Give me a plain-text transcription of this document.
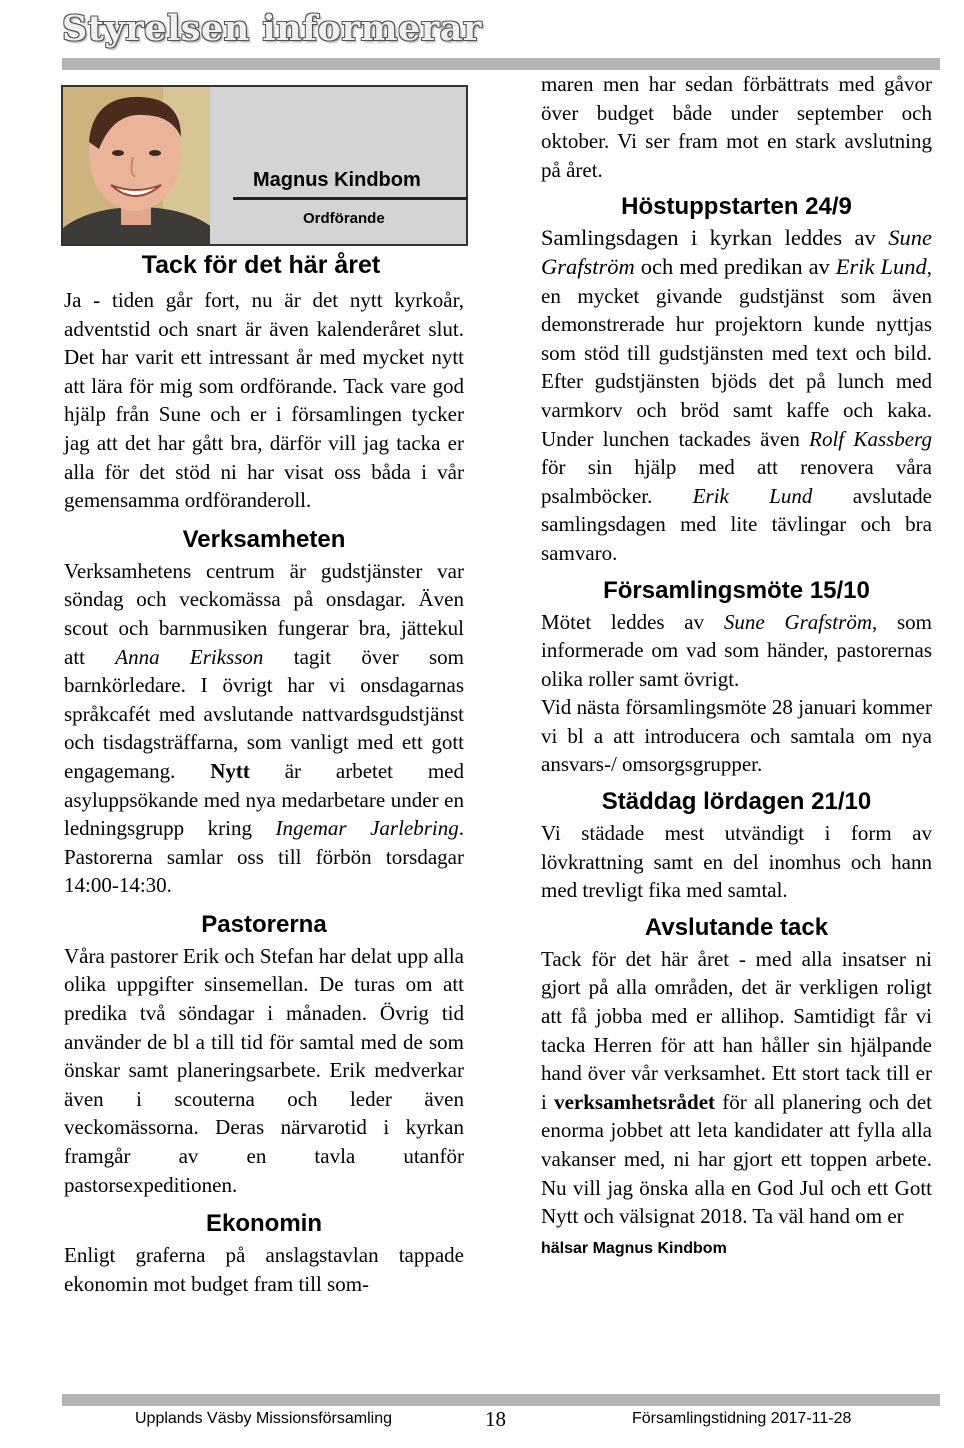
Styrelsen informerar
Magnus Kindbom
Ordförande
Tack för det här året

Ja - tiden går fort, nu är det nytt kyrkoår, adventstid och snart är även kalenderåret slut. Det har varit ett intressant år med mycket nytt att lära för mig som ordförande. Tack vare god hjälp från Sune och er i församlingen tycker jag att det har gått bra, därför vill jag tacka er alla för det stöd ni har visat oss båda i vår gemensamma ordföranderoll.

Verksamheten

Verksamhetens centrum är gudstjänster var söndag och veckomässa på onsdagar. Även scout och barnmusiken fungerar bra, jättekul att Anna Eriksson tagit över som barnkörledare. I övrigt har vi onsdagarnas språkcafét med avslutande nattvardsgudstjänst och tisdagsträffarna, som vanligt med ett gott engagemang. Nytt är arbetet med asyluppsökande med nya medarbetare under en ledningsgrupp kring Ingemar Jarlebring. Pastorerna samlar oss till förbön torsdagar 14:00-14:30.

Pastorerna

Våra pastorer Erik och Stefan har delat upp alla olika uppgifter sinsemellan. De turas om att predika två söndagar i månaden. Övrig tid använder de bl a till tid för samtal med de som önskar samt planeringsarbete. Erik medverkar även i scouterna och leder även veckomässorna. Deras närvarotid i kyrkan framgår av en tavla utanför pastorsexpeditionen.

Ekonomin

Enligt graferna på anslagstavlan tappade ekonomin mot budget fram till som-

maren men har sedan förbättrats med gåvor över budget både under september och oktober. Vi ser fram mot en stark avslutning på året.

Höstuppstarten 24/9

Samlingsdagen i kyrkan leddes av Sune Grafström och med predikan av Erik Lund, en mycket givande gudstjänst som även demonstrerade hur projektorn kunde nyttjas som stöd till gudstjänsten med text och bild. Efter gudstjänsten bjöds det på lunch med varmkorv och bröd samt kaffe och kaka. Under lunchen tackades även Rolf Kassberg för sin hjälp med att renovera våra psalmböcker. Erik Lund avslutade samlingsdagen med lite tävlingar och bra samvaro.

Församlingsmöte 15/10

Mötet leddes av Sune Grafström, som informerade om vad som händer, pastorernas olika roller samt övrigt.

Vid nästa församlingsmöte 28 januari kommer vi bl a att introducera och samtala om nya ansvars-/ omsorgsgrupper.

Städdag lördagen 21/10

Vi städade mest utvändigt i form av lövkrattning samt en del inomhus och hann med trevligt fika med samtal.

Avslutande tack

Tack för det här året - med alla insatser ni gjort på alla områden, det är verkligen roligt att få jobba med er allihop. Samtidigt får vi tacka Herren för att han håller sin hjälpande hand över vår verksamhet. Ett stort tack till er i verksamhetsrådet för all planering och det enorma jobbet att leta kandidater att fylla alla vakanser med, ni har gjort ett toppen arbete. Nu vill jag önska alla en God Jul och ett Gott Nytt och välsignat 2018. Ta väl hand om er

hälsar Magnus Kindbom
Upplands Väsby Missionsförsamling	18	Församlingstidning 2017-11-28
